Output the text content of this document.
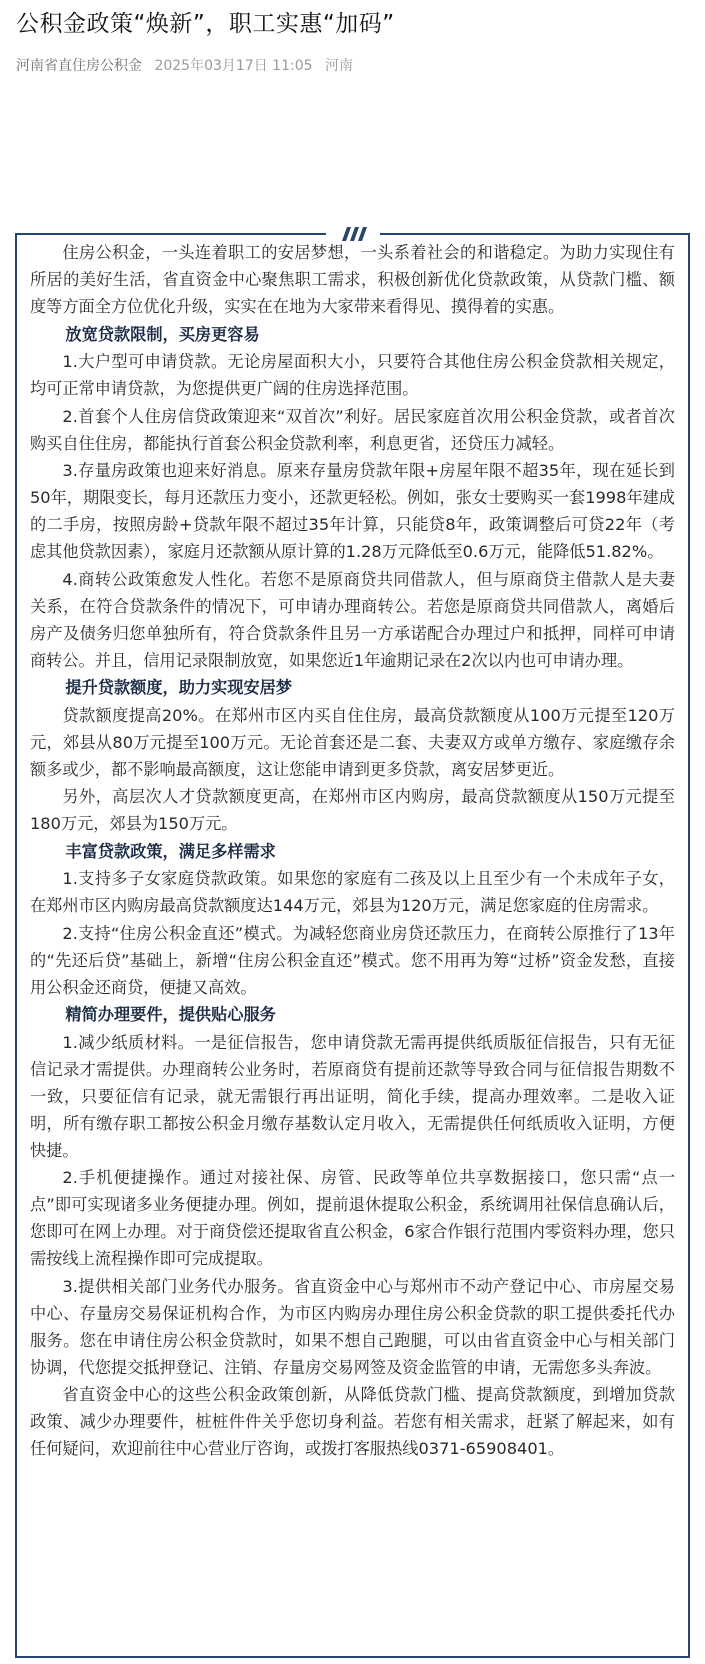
公积金政策“焕新”，职工实惠“加码”
河南省直住房公积金 2025年03月17日 11:05 河南

住房公积金，一头连着职工的安居梦想，一头系着社会的和谐稳定。为助力实现住有所居的美好生活，省直资金中心聚焦职工需求，积极创新优化贷款政策，从贷款门槛、额度等方面全方位优化升级，实实在在地为大家带来看得见、摸得着的实惠。

放宽贷款限制，买房更容易

1.大户型可申请贷款。无论房屋面积大小，只要符合其他住房公积金贷款相关规定，均可正常申请贷款，为您提供更广阔的住房选择范围。

2.首套个人住房信贷政策迎来“双首次”利好。居民家庭首次用公积金贷款，或者首次购买自住住房，都能执行首套公积金贷款利率，利息更省，还贷压力减轻。

3.存量房政策也迎来好消息。原来存量房贷款年限+房屋年限不超35年，现在延长到50年，期限变长，每月还款压力变小，还款更轻松。例如，张女士要购买一套1998年建成的二手房，按照房龄+贷款年限不超过35年计算，只能贷8年，政策调整后可贷22年（考虑其他贷款因素），家庭月还款额从原计算的1.28万元降低至0.6万元，能降低51.82%。

4.商转公政策愈发人性化。若您不是原商贷共同借款人，但与原商贷主借款人是夫妻关系，在符合贷款条件的情况下，可申请办理商转公。若您是原商贷共同借款人，离婚后房产及债务归您单独所有，符合贷款条件且另一方承诺配合办理过户和抵押，同样可申请商转公。并且，信用记录限制放宽，如果您近1年逾期记录在2次以内也可申请办理。

提升贷款额度，助力实现安居梦

贷款额度提高20%。在郑州市区内买自住住房，最高贷款额度从100万元提至120万元，郊县从80万元提至100万元。无论首套还是二套、夫妻双方或单方缴存、家庭缴存余额多或少，都不影响最高额度，这让您能申请到更多贷款，离安居梦更近。

另外，高层次人才贷款额度更高，在郑州市区内购房，最高贷款额度从150万元提至180万元，郊县为150万元。

丰富贷款政策，满足多样需求

1.支持多子女家庭贷款政策。如果您的家庭有二孩及以上且至少有一个未成年子女，在郑州市区内购房最高贷款额度达144万元，郊县为120万元，满足您家庭的住房需求。

2.支持“住房公积金直还”模式。为减轻您商业房贷还款压力，在商转公原推行了13年的“先还后贷”基础上，新增“住房公积金直还”模式。您不用再为筹“过桥”资金发愁，直接用公积金还商贷，便捷又高效。

精简办理要件，提供贴心服务

1.减少纸质材料。一是征信报告，您申请贷款无需再提供纸质版征信报告，只有无征信记录才需提供。办理商转公业务时，若原商贷有提前还款等导致合同与征信报告期数不一致，只要征信有记录，就无需银行再出证明，简化手续，提高办理效率。二是收入证明，所有缴存职工都按公积金月缴存基数认定月收入，无需提供任何纸质收入证明，方便快捷。

2.手机便捷操作。通过对接社保、房管、民政等单位共享数据接口，您只需“点一点”即可实现诸多业务便捷办理。例如，提前退休提取公积金，系统调用社保信息确认后，您即可在网上办理。对于商贷偿还提取省直公积金，6家合作银行范围内零资料办理，您只需按线上流程操作即可完成提取。

3.提供相关部门业务代办服务。省直资金中心与郑州市不动产登记中心、市房屋交易中心、存量房交易保证机构合作，为市区内购房办理住房公积金贷款的职工提供委托代办服务。您在申请住房公积金贷款时，如果不想自己跑腿，可以由省直资金中心与相关部门协调，代您提交抵押登记、注销、存量房交易网签及资金监管的申请，无需您多头奔波。

省直资金中心的这些公积金政策创新，从降低贷款门槛、提高贷款额度，到增加贷款政策、减少办理要件，桩桩件件关乎您切身利益。若您有相关需求，赶紧了解起来，如有任何疑问，欢迎前往中心营业厅咨询，或拨打客服热线0371-65908401。
